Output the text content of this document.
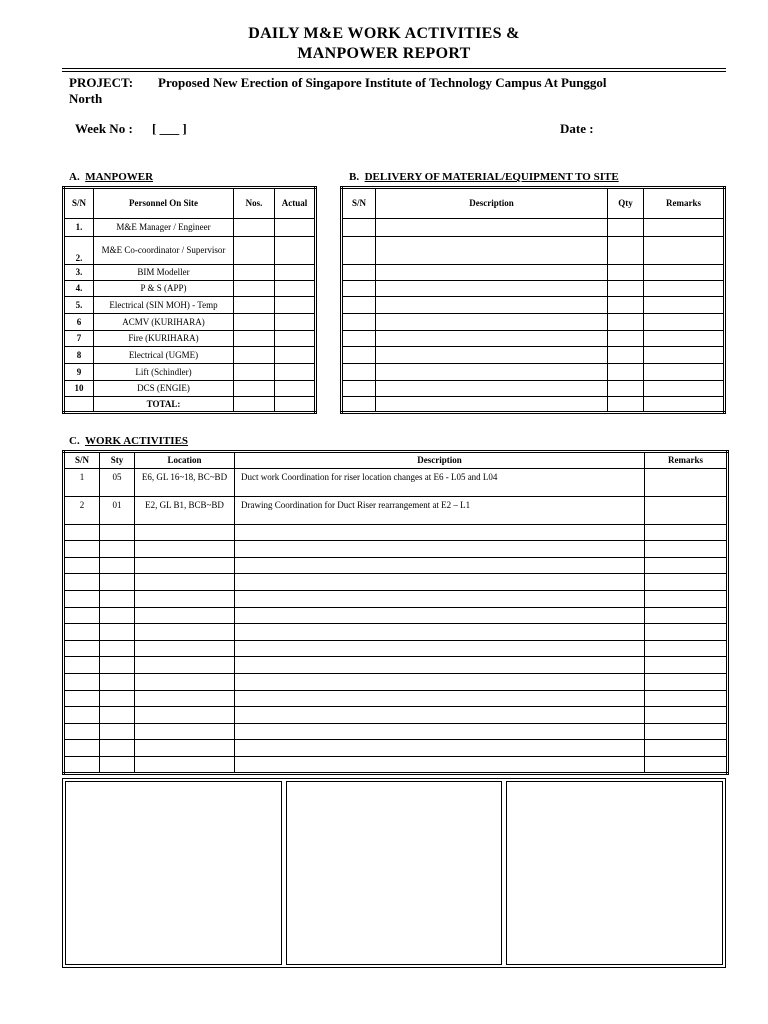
DAILY M&E WORK ACTIVITIES &
MANPOWER REPORT
PROJECT: Proposed New Erection of Singapore Institute of Technology Campus At Punggol
North
Week No : [ ___ ]	Date :
A. MANPOWER	B. DELIVERY OF MATERIAL/EQUIPMENT TO SITE
S/N	Personnel On Site	Nos.	Actual
1.	M&E Manager / Engineer		
2.	M&E Co-coordinator / Supervisor		
3.	BIM Modeller		
4.	P & S (APP)		
5.	Electrical (SIN MOH) - Temp		
6	ACMV (KURIHARA)		
7	Fire (KURIHARA)		
8	Electrical (UGME)		
9	Lift (Schindler)		
10	DCS (ENGIE)		
	TOTAL:		
S/N	Description	Qty	Remarks

C. WORK ACTIVITIES
S/N	Sty	Location	Description	Remarks
1	05	E6, GL 16~18, BC~BD	Duct work Coordination for riser location changes at E6 - L05 and L04	
2	01	E2, GL B1, BCB~BD	Drawing Coordination for Duct Riser rearrangement at E2 – L1	
